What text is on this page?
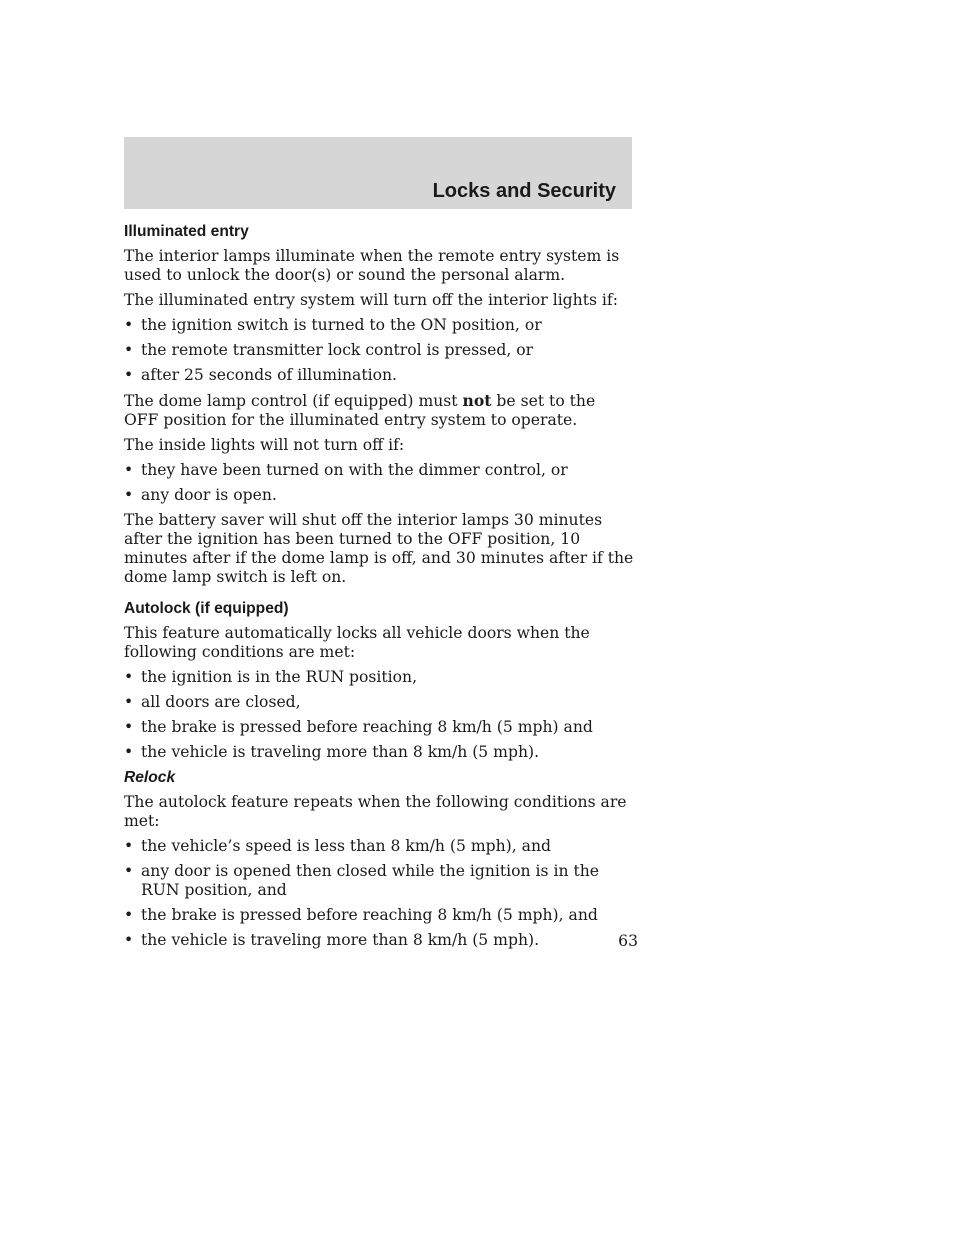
Locks and Security
Illuminated entry

The interior lamps illuminate when the remote entry system is used to unlock the door(s) or sound the personal alarm.

The illuminated entry system will turn off the interior lights if:

• the ignition switch is turned to the ON position, or
• the remote transmitter lock control is pressed, or
• after 25 seconds of illumination.

The dome lamp control (if equipped) must not be set to the OFF position for the illuminated entry system to operate.

The inside lights will not turn off if:

• they have been turned on with the dimmer control, or
• any door is open.

The battery saver will shut off the interior lamps 30 minutes after the ignition has been turned to the OFF position, 10 minutes after if the dome lamp is off, and 30 minutes after if the dome lamp switch is left on.

Autolock (if equipped)

This feature automatically locks all vehicle doors when the following conditions are met:

• the ignition is in the RUN position,
• all doors are closed,
• the brake is pressed before reaching 8 km/h (5 mph) and
• the vehicle is traveling more than 8 km/h (5 mph).
Relock

The autolock feature repeats when the following conditions are met:

• the vehicle’s speed is less than 8 km/h (5 mph), and
• any door is opened then closed while the ignition is in the RUN position, and
• the brake is pressed before reaching 8 km/h (5 mph), and
• the vehicle is traveling more than 8 km/h (5 mph).	63
